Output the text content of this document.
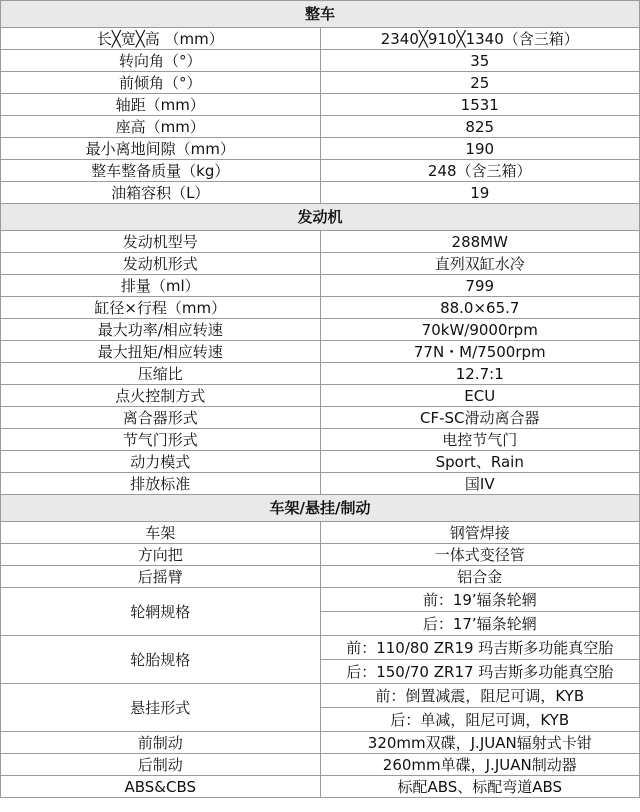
整车	
长╳宽╳高 （mm）	2340╳910╳1340（含三箱）
转向角（°）	35
前倾角（°）	25
轴距（mm）	1531
座高（mm）	825
最小离地间隙（mm）	190
整车整备质量（kg）	248（含三箱）
油箱容积（L）	19
发动机	
发动机型号	288MW
发动机形式	直列双缸水冷
排量（ml）	799
缸径×行程（mm）	88.0×65.7
最大功率/相应转速	70kW/9000rpm
最大扭矩/相应转速	77N・M/7500rpm
压缩比	12.7:1
点火控制方式	ECU
离合器形式	CF-SC滑动离合器
节气门形式	电控节气门
动力模式	Sport、Rain
排放标准	国IV
车架/悬挂/制动	
车架	钢管焊接
方向把	一体式变径管
后摇臂	铝合金
轮辋规格	前：19’辐条轮辋
	后：17’辐条轮辋
轮胎规格	前：110/80 ZR19 玛吉斯多功能真空胎
	后：150/70 ZR17 玛吉斯多功能真空胎
悬挂形式	前：倒置减震，阻尼可调，KYB
	后：单减，阻尼可调，KYB
前制动	320mm双碟，J.JUAN辐射式卡钳
后制动	260mm单碟，J.JUAN制动器
ABS&CBS	标配ABS、标配弯道ABS
